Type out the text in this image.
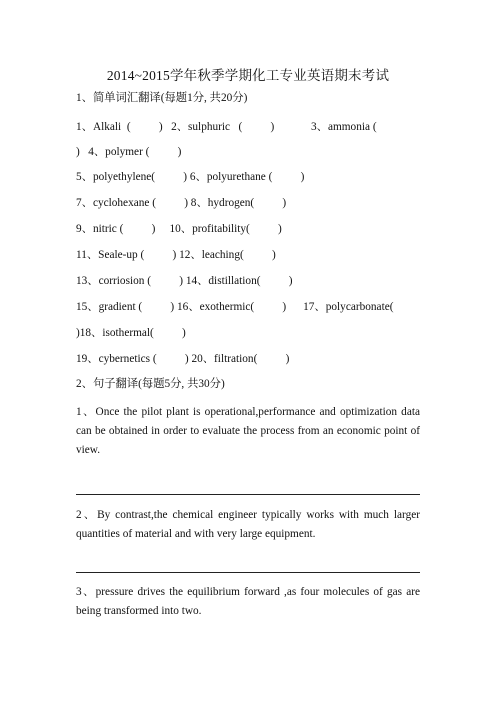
2014~2015学年秋季学期化工专业英语期末考试
1、简单词汇翻译(每题1分, 共20分)
1、Alkali  (          )   2、sulphuric   (          )             3、ammonia (
)   4、polymer (          )
5、polyethylene(          ) 6、polyurethane (          )
7、cyclohexane (          ) 8、hydrogen(          )
9、nitric (          )     10、profitability(          )
11、Seale-up (          ) 12、leaching(          )
13、corriosion (          ) 14、distillation(          )
15、gradient (          ) 16、exothermic(          )      17、polycarbonate(
)18、isothermal(          )
19、cybernetics (          ) 20、filtration(          )
2、句子翻译(每题5分, 共30分)
1、Once the pilot plant is operational,performance and optimization data can be obtained in order to evaluate the process from an economic point of view.
2、By contrast,the chemical engineer typically works with much larger quantities of material and with very large equipment.
3、pressure drives the equilibrium forward ,as four molecules of gas are being transformed into two.
